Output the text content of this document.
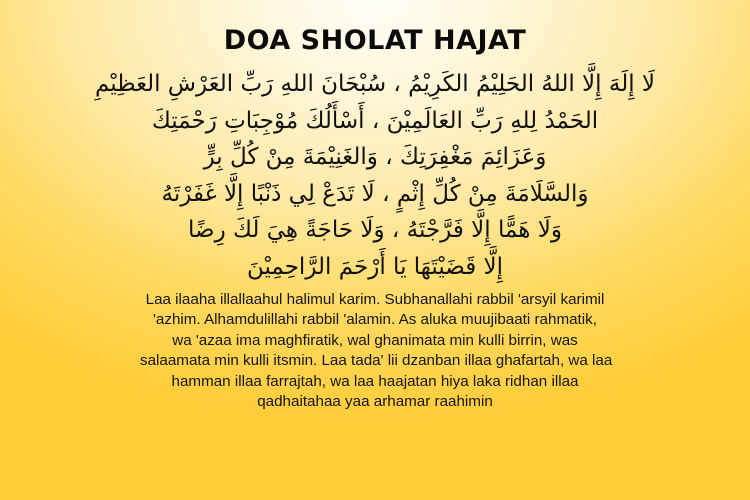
DOA SHOLAT HAJAT
لَا إِلَهَ إِلَّا اللهُ الحَلِيْمُ الكَرِيْمُ ، سُبْحَانَ اللهِ رَبِّ العَرْشِ العَظِيْمِ
الحَمْدُ لِلهِ رَبِّ العَالَمِيْنَ ، أَسْأَلُكَ مُوْجِبَاتِ رَحْمَتِكَ
وَعَزَائِمَ مَغْفِرَتِكَ ، وَالغَنِيْمَةَ مِنْ كُلِّ بِرٍّ
وَالسَّلَامَةَ مِنْ كُلِّ إِثْمٍ ، لَا تَدَعْ لِي ذَنْبًا إِلَّا غَفَرْتَهُ
وَلَا هَمًّا إِلَّا فَرَّجْتَهُ ، وَلَا حَاجَةً هِيَ لَكَ رِضًا
إِلَّا قَضَيْتَهَا يَا أَرْحَمَ الرَّاحِمِيْنَ
Laa ilaaha illallaahul halimul karim. Subhanallahi rabbil 'arsyil karimil
'azhim. Alhamdulillahi rabbil 'alamin. As aluka muujibaati rahmatik,
wa 'azaa ima maghfiratik, wal ghanimata min kulli birrin, was
salaamata min kulli itsmin. Laa tada' lii dzanban illaa ghafartah, wa laa
hamman illaa farrajtah, wa laa haajatan hiya laka ridhan illaa
qadhaitahaa yaa arhamar raahimin
